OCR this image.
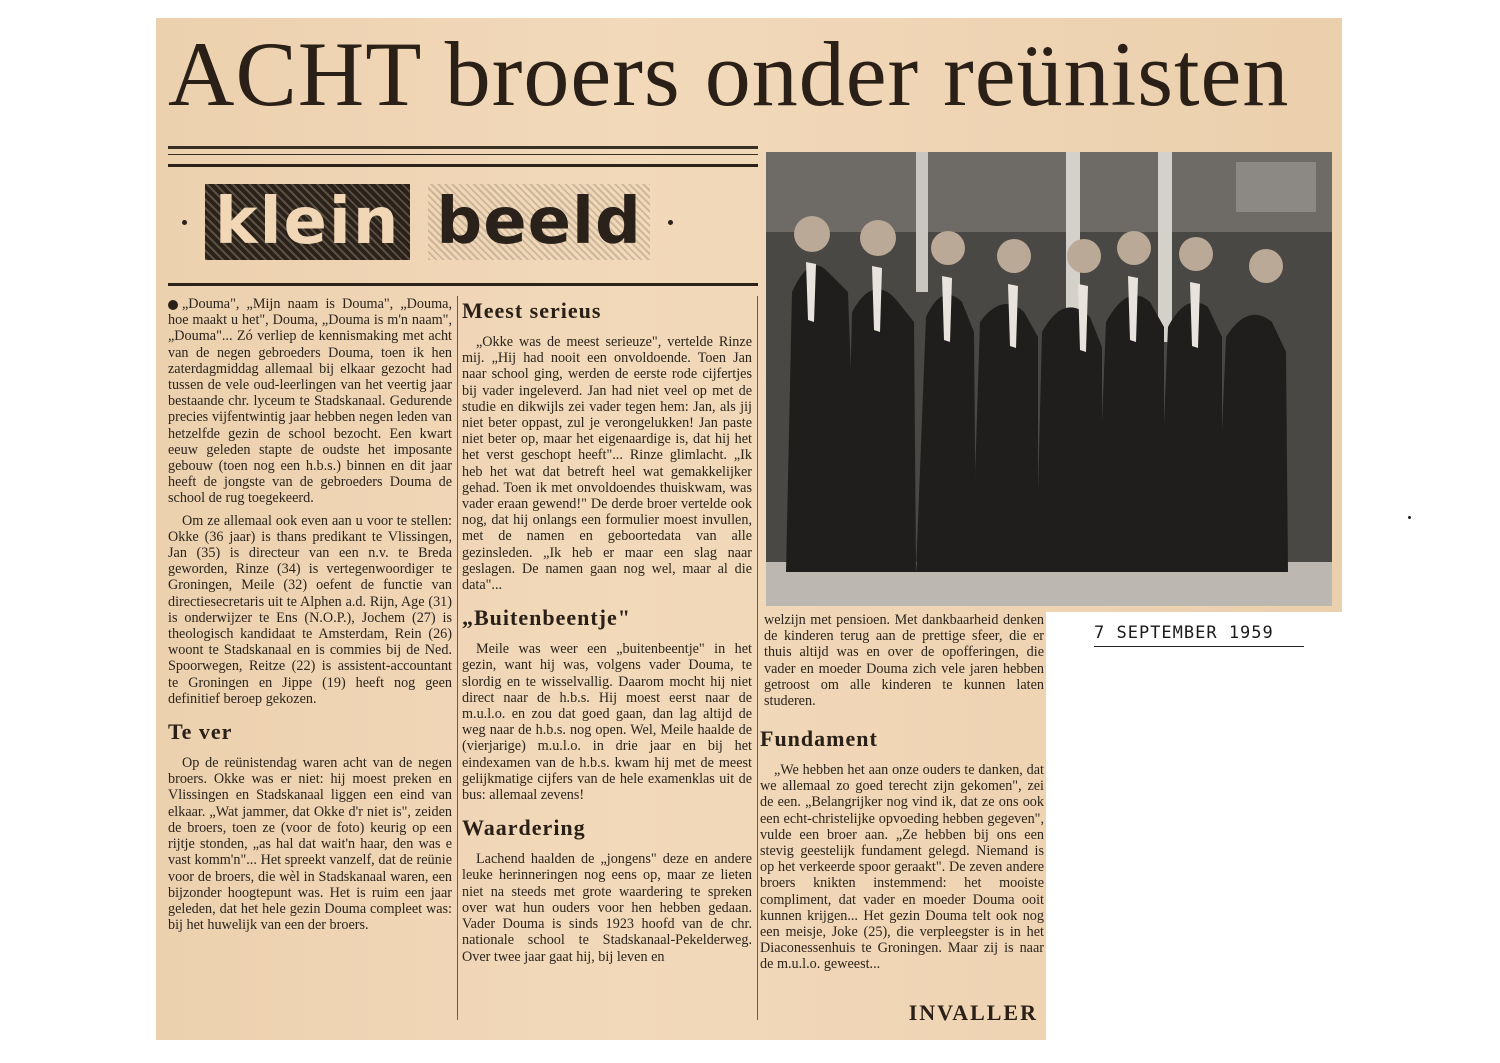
ACHT broers onder reünisten
klein beeld

„Douma", „Mijn naam is Douma", „Douma, hoe maakt u het", Douma, „Douma is m'n naam", „Douma"... Zó verliep de kennismaking met acht van de negen gebroeders Douma, toen ik hen zaterdagmiddag allemaal bij elkaar gezocht had tussen de vele oud-leerlingen van het veertig jaar bestaande chr. lyceum te Stadskanaal. Gedurende precies vijfentwintig jaar hebben negen leden van hetzelfde gezin de school bezocht. Een kwart eeuw geleden stapte de oudste het imposante gebouw (toen nog een h.b.s.) binnen en dit jaar heeft de jongste van de gebroeders Douma de school de rug toegekeerd.

Om ze allemaal ook even aan u voor te stellen: Okke (36 jaar) is thans predikant te Vlissingen, Jan (35) is directeur van een n.v. te Breda geworden, Rinze (34) is vertegenwoordiger te Groningen, Meile (32) oefent de functie van directiesecretaris uit te Alphen a.d. Rijn, Age (31) is onderwijzer te Ens (N.O.P.), Jochem (27) is theologisch kandidaat te Amsterdam, Rein (26) woont te Stadskanaal en is commies bij de Ned. Spoorwegen, Reitze (22) is assistent-accountant te Groningen en Jippe (19) heeft nog geen definitief beroep gekozen.

Te ver

Op de reünistendag waren acht van de negen broers. Okke was er niet: hij moest preken en Vlissingen en Stadskanaal liggen een eind van elkaar. „Wat jammer, dat Okke d'r niet is", zeiden de broers, toen ze (voor de foto) keurig op een rijtje stonden, „as hal dat wait'n haar, den was e vast komm'n"... Het spreekt vanzelf, dat de reünie voor de broers, die wèl in Stadskanaal waren, een bijzonder hoogtepunt was. Het is ruim een jaar geleden, dat het hele gezin Douma compleet was: bij het huwelijk van een der broers.

Meest serieus

„Okke was de meest serieuze", vertelde Rinze mij. „Hij had nooit een onvoldoende. Toen Jan naar school ging, werden de eerste rode cijfertjes bij vader ingeleverd. Jan had niet veel op met de studie en dikwijls zei vader tegen hem: Jan, als jij niet beter oppast, zul je verongelukken! Jan paste niet beter op, maar het eigenaardige is, dat hij het het verst geschopt heeft"... Rinze glimlacht. „Ik heb het wat dat betreft heel wat gemakkelijker gehad. Toen ik met onvoldoendes thuiskwam, was vader eraan gewend!" De derde broer vertelde ook nog, dat hij onlangs een formulier moest invullen, met de namen en geboortedata van alle gezinsleden. „Ik heb er maar een slag naar geslagen. De namen gaan nog wel, maar al die data"...

„Buitenbeentje"

Meile was weer een „buitenbeentje" in het gezin, want hij was, volgens vader Douma, te slordig en te wisselvallig. Daarom mocht hij niet direct naar de h.b.s. Hij moest eerst naar de m.u.l.o. en zou dat goed gaan, dan lag altijd de weg naar de h.b.s. nog open. Wel, Meile haalde de (vierjarige) m.u.l.o. in drie jaar en bij het eindexamen van de h.b.s. kwam hij met de meest gelijkmatige cijfers van de hele examenklas uit de bus: allemaal zevens!

Waardering

Lachend haalden de „jongens" deze en andere leuke herinneringen nog eens op, maar ze lieten niet na steeds met grote waardering te spreken over wat hun ouders voor hen hebben gedaan. Vader Douma is sinds 1923 hoofd van de chr. nationale school te Stadskanaal-Pekelderweg. Over twee jaar gaat hij, bij leven en

welzijn met pensioen. Met dankbaarheid denken de kinderen terug aan de prettige sfeer, die er thuis altijd was en over de opofferingen, die vader en moeder Douma zich vele jaren hebben getroost om alle kinderen te kunnen laten studeren.

Fundament

„We hebben het aan onze ouders te danken, dat we allemaal zo goed terecht zijn gekomen", zei de een. „Belangrijker nog vind ik, dat ze ons ook een echt-christelijke opvoeding hebben gegeven", vulde een broer aan. „Ze hebben bij ons een stevig geestelijk fundament gelegd. Niemand is op het verkeerde spoor geraakt". De zeven andere broers knikten instemmend: het mooiste compliment, dat vader en moeder Douma ooit kunnen krijgen... Het gezin Douma telt ook nog een meisje, Joke (25), die verpleegster is in het Diaconessenhuis te Groningen. Maar zij is naar de m.u.l.o. geweest...

INVALLER

7 SEPTEMBER 1959
